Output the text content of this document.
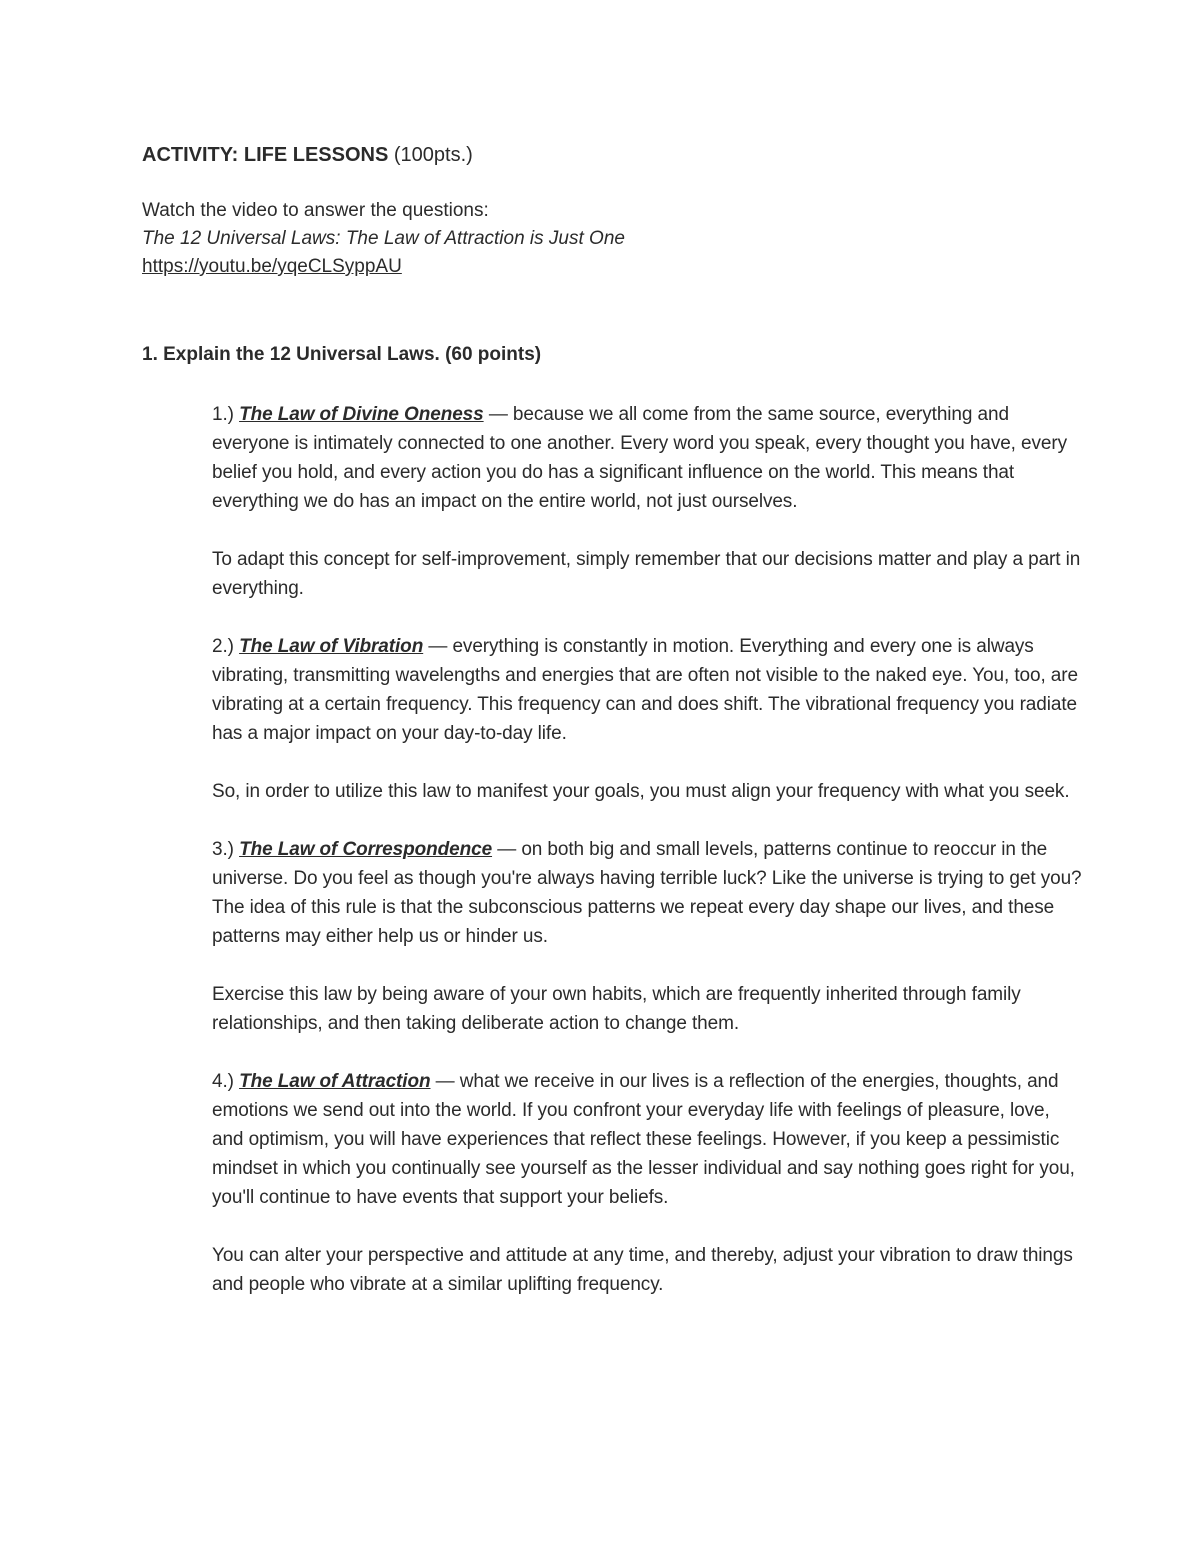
ACTIVITY: LIFE LESSONS (100pts.)

Watch the video to answer the questions:
The 12 Universal Laws: The Law of Attraction is Just One
https://youtu.be/yqeCLSyppAU

1. Explain the 12 Universal Laws. (60 points)

1.) The Law of Divine Oneness — because we all come from the same source, everything and everyone is intimately connected to one another. Every word you speak, every thought you have, every belief you hold, and every action you do has a significant influence on the world. This means that everything we do has an impact on the entire world, not just ourselves.

To adapt this concept for self-improvement, simply remember that our decisions matter and play a part in everything.

2.) The Law of Vibration — everything is constantly in motion. Everything and every one is always vibrating, transmitting wavelengths and energies that are often not visible to the naked eye. You, too, are vibrating at a certain frequency. This frequency can and does shift. The vibrational frequency you radiate has a major impact on your day-to-day life.

So, in order to utilize this law to manifest your goals, you must align your frequency with what you seek.

3.) The Law of Correspondence — on both big and small levels, patterns continue to reoccur in the universe. Do you feel as though you're always having terrible luck? Like the universe is trying to get you? The idea of this rule is that the subconscious patterns we repeat every day shape our lives, and these patterns may either help us or hinder us.

Exercise this law by being aware of your own habits, which are frequently inherited through family relationships, and then taking deliberate action to change them.

4.) The Law of Attraction — what we receive in our lives is a reflection of the energies, thoughts, and emotions we send out into the world. If you confront your everyday life with feelings of pleasure, love, and optimism, you will have experiences that reflect these feelings. However, if you keep a pessimistic mindset in which you continually see yourself as the lesser individual and say nothing goes right for you, you'll continue to have events that support your beliefs.

You can alter your perspective and attitude at any time, and thereby, adjust your vibration to draw things and people who vibrate at a similar uplifting frequency.
